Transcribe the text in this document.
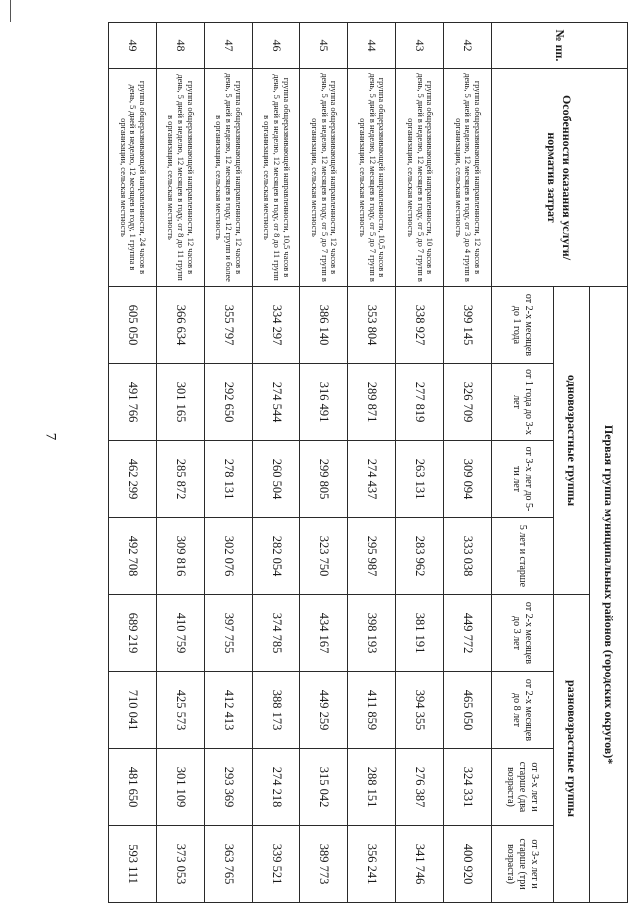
7
№ пп.	Особенности оказания услуги/норматив затрат	Первая группа муниципальных районов (городских округов)*							
		одновозрастные группы				разновозрастные группы			
		от 2-х месяцев до 1 года	от 1 года до 3-х лет	от 3-х лет до 5-ти лет	5 лет и старше	от 2-х месяцев до 3 лет	от 2-х месяцев до 8 лет	от 3-х лет и старше (два возраста)	от 3-х лет и старше (три возраста)
42	группа общеразвивающей направленности, 12 часов в день, 5 дней в неделю, 12 месяцев в году, от 3 до 4 групп в организации, сельская местность	399 145	326 709	309 094	333 038	449 772	465 050	324 331	400 920
43	группа общеразвивающей направленности, 10 часов в день, 5 дней в неделю, 12 месяцев в году, от 5 до 7 групп в организации, сельская местность	338 927	277 819	263 131	283 962	381 191	394 355	276 387	341 746
44	группа общеразвивающей направленности, 10,5 часов в день, 5 дней в неделю, 12 месяцев в году, от 5 до 7 групп в организации, сельская местность	353 804	289 871	274 437	295 987	398 193	411 859	288 151	356 241
45	группа общеразвивающей направленности, 12 часов в день, 5 дней в неделю, 12 месяцев в году, от 5 до 7 групп в организации, сельская местность	386 140	316 491	299 805	323 750	434 167	449 259	315 042	389 773
46	группа общеразвивающей направленности, 10,5 часов в день, 5 дней в неделю, 12 месяцев в году, от 8 до 11 групп в организации, сельская местность	334 297	274 544	260 504	282 054	374 785	388 173	274 218	339 521
47	группа общеразвивающей направленности, 12 часов в день, 5 дней в неделю, 12 месяцев в году, 12 групп и более в организации, сельская местность	355 797	292 650	278 131	302 076	397 755	412 413	293 369	363 765
48	группа общеразвивающей направленности, 12 часов в день, 5 дней в неделю, 12 месяцев в году, от 8 до 11 групп в организации, сельская местность	366 634	301 165	285 872	309 816	410 759	425 573	301 109	373 053
49	группа общеразвивающей направленности, 24 часов в день, 5 дней в неделю, 12 месяцев в году, 1 группа в организации, сельская местность	605 050	491 766	462 299	492 708	689 219	710 041	481 650	593 111
